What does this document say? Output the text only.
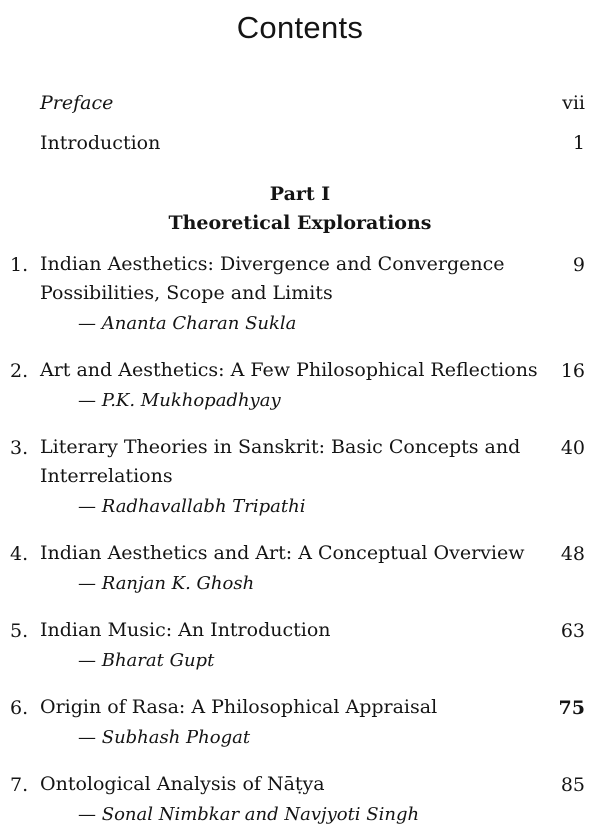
Contents
Preface	vii
Introduction	1
Part I
Theoretical Explorations
1. Indian Aesthetics: Divergence and Convergence
Possibilities, Scope and Limits
— Ananta Charan Sukla
9
2. Art and Aesthetics: A Few Philosophical Reflections
— P.K. Mukhopadhyay
16
3. Literary Theories in Sanskrit: Basic Concepts and
Interrelations
— Radhavallabh Tripathi
40
4. Indian Aesthetics and Art: A Conceptual Overview
— Ranjan K. Ghosh
48
5. Indian Music: An Introduction
— Bharat Gupt
63
6. Origin of Rasa: A Philosophical Appraisal
— Subhash Phogat
75
7. Ontological Analysis of Nāṭya
— Sonal Nimbkar and Navjyoti Singh
85
